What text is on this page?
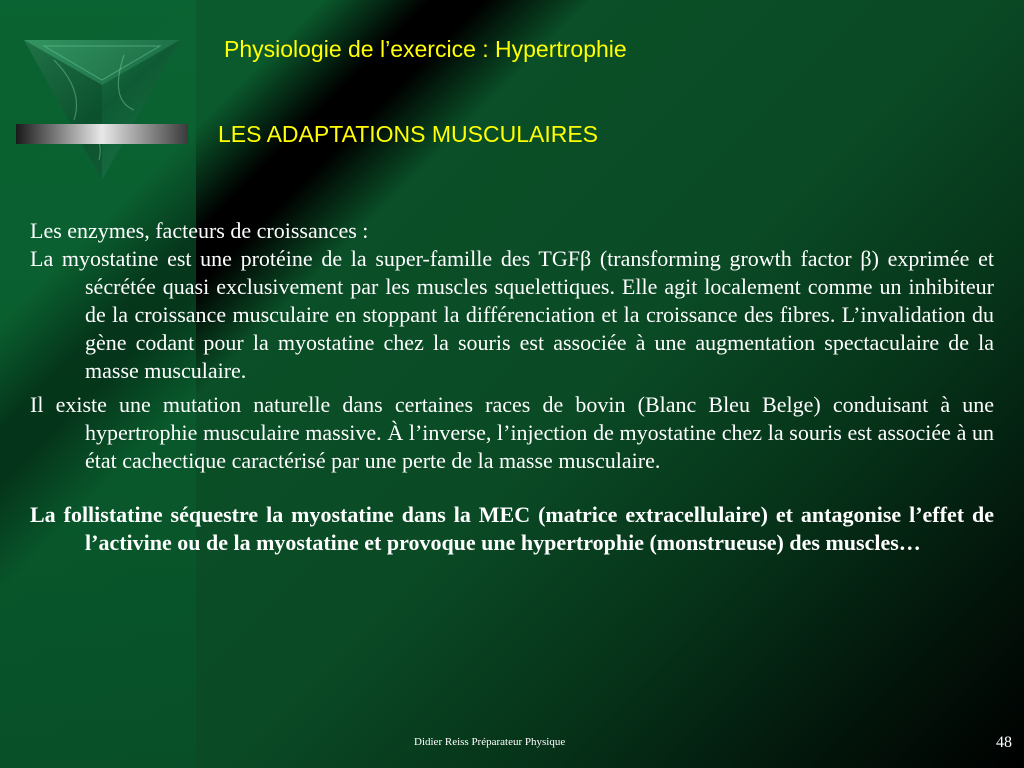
Physiologie de l’exercice : Hypertrophie
LES ADAPTATIONS MUSCULAIRES

Les enzymes, facteurs de croissances :

La myostatine est une protéine de la super-famille des TGFβ (transforming growth factor β) exprimée et sécrétée quasi exclusivement par les muscles squelettiques. Elle agit localement comme un inhibiteur de la croissance musculaire en stoppant la différenciation et la croissance des fibres. L’invalidation du gène codant pour la myostatine chez la souris est associée à une augmentation spectaculaire de la masse musculaire.

Il existe une mutation naturelle dans certaines races de bovin (Blanc Bleu Belge) conduisant à une hypertrophie musculaire massive. À l’inverse, l’injection de myostatine chez la souris est associée à un état cachectique caractérisé par une perte de la masse musculaire.

La follistatine séquestre la myostatine dans la MEC (matrice extracellulaire) et antagonise l’effet de l’activine ou de la myostatine et provoque une hypertrophie (monstrueuse) des muscles…

Didier Reiss Préparateur Physique	48
